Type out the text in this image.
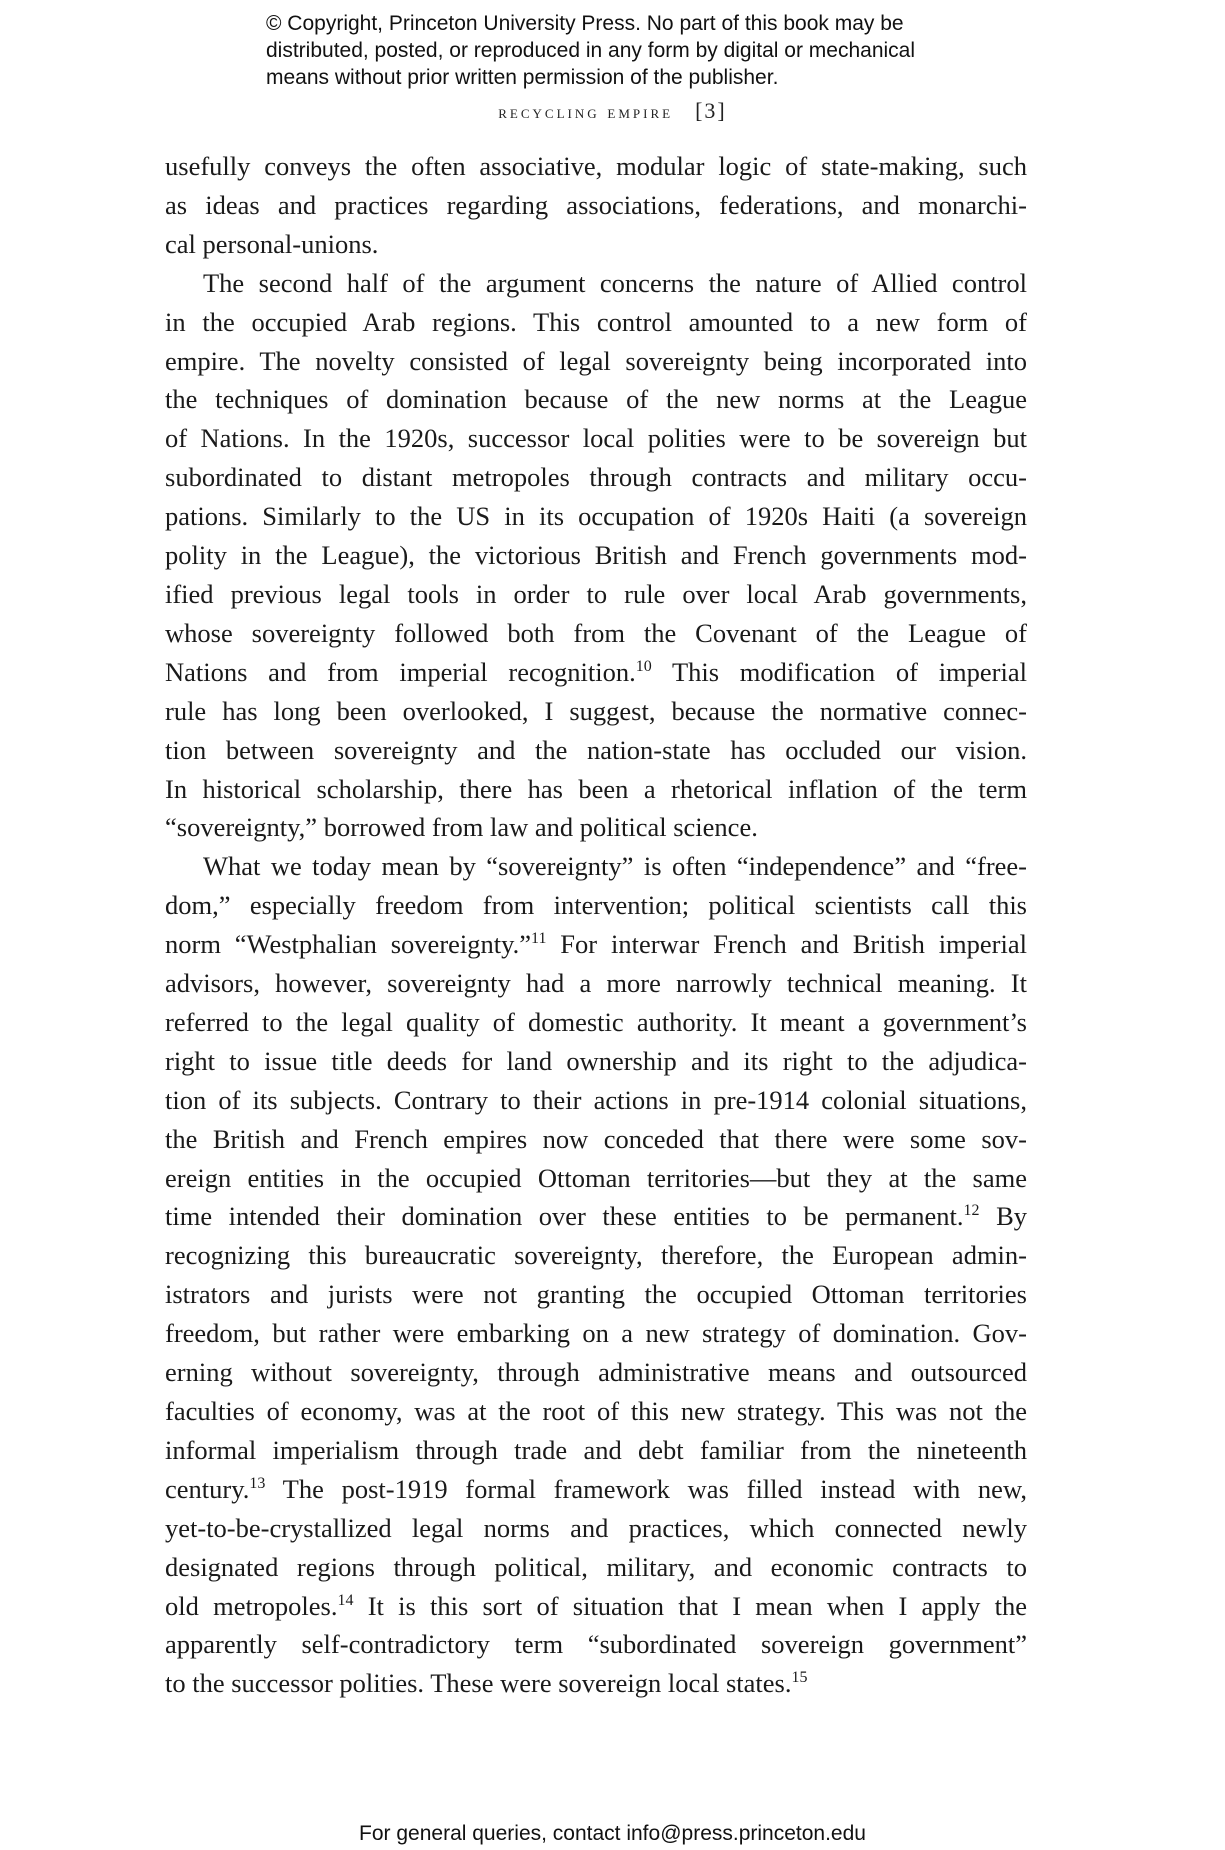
© Copyright, Princeton University Press. No part of this book may be
distributed, posted, or reproduced in any form by digital or mechanical
means without prior written permission of the publisher.
recycling empire [3]

usefully conveys the often associative, modular logic of state-making, such
as ideas and practices regarding associations, federations, and monarchi-
cal personal-unions.

The second half of the argument concerns the nature of Allied control
in the occupied Arab regions. This control amounted to a new form of
empire. The novelty consisted of legal sovereignty being incorporated into
the techniques of domination because of the new norms at the League
of Nations. In the 1920s, successor local polities were to be sovereign but
subordinated to distant metropoles through contracts and military occu-
pations. Similarly to the US in its occupation of 1920s Haiti (a sovereign
polity in the League), the victorious British and French governments mod-
ified previous legal tools in order to rule over local Arab governments,
whose sovereignty followed both from the Covenant of the League of
Nations and from imperial recognition.$^{10}$ This modification of imperial
rule has long been overlooked, I suggest, because the normative connec-
tion between sovereignty and the nation-state has occluded our vision.
In historical scholarship, there has been a rhetorical inflation of the term
“sovereignty,” borrowed from law and political science.

What we today mean by “sovereignty” is often “independence” and “free-
dom,” especially freedom from intervention; political scientists call this
norm “Westphalian sovereignty.”$^{11}$ For interwar French and British imperial
advisors, however, sovereignty had a more narrowly technical meaning. It
referred to the legal quality of domestic authority. It meant a government’s
right to issue title deeds for land ownership and its right to the adjudica-
tion of its subjects. Contrary to their actions in pre-1914 colonial situations,
the British and French empires now conceded that there were some sov-
ereign entities in the occupied Ottoman territories—but they at the same
time intended their domination over these entities to be permanent.$^{12}$ By
recognizing this bureaucratic sovereignty, therefore, the European admin-
istrators and jurists were not granting the occupied Ottoman territories
freedom, but rather were embarking on a new strategy of domination. Gov-
erning without sovereignty, through administrative means and outsourced
faculties of economy, was at the root of this new strategy. This was not the
informal imperialism through trade and debt familiar from the nineteenth
century.$^{13}$ The post-1919 formal framework was filled instead with new,
yet-to-be-crystallized legal norms and practices, which connected newly
designated regions through political, military, and economic contracts to
old metropoles.$^{14}$ It is this sort of situation that I mean when I apply the
apparently self-contradictory term “subordinated sovereign government”
to the successor polities. These were sovereign local states.$^{15}$

For general queries, contact info@press.princeton.edu
